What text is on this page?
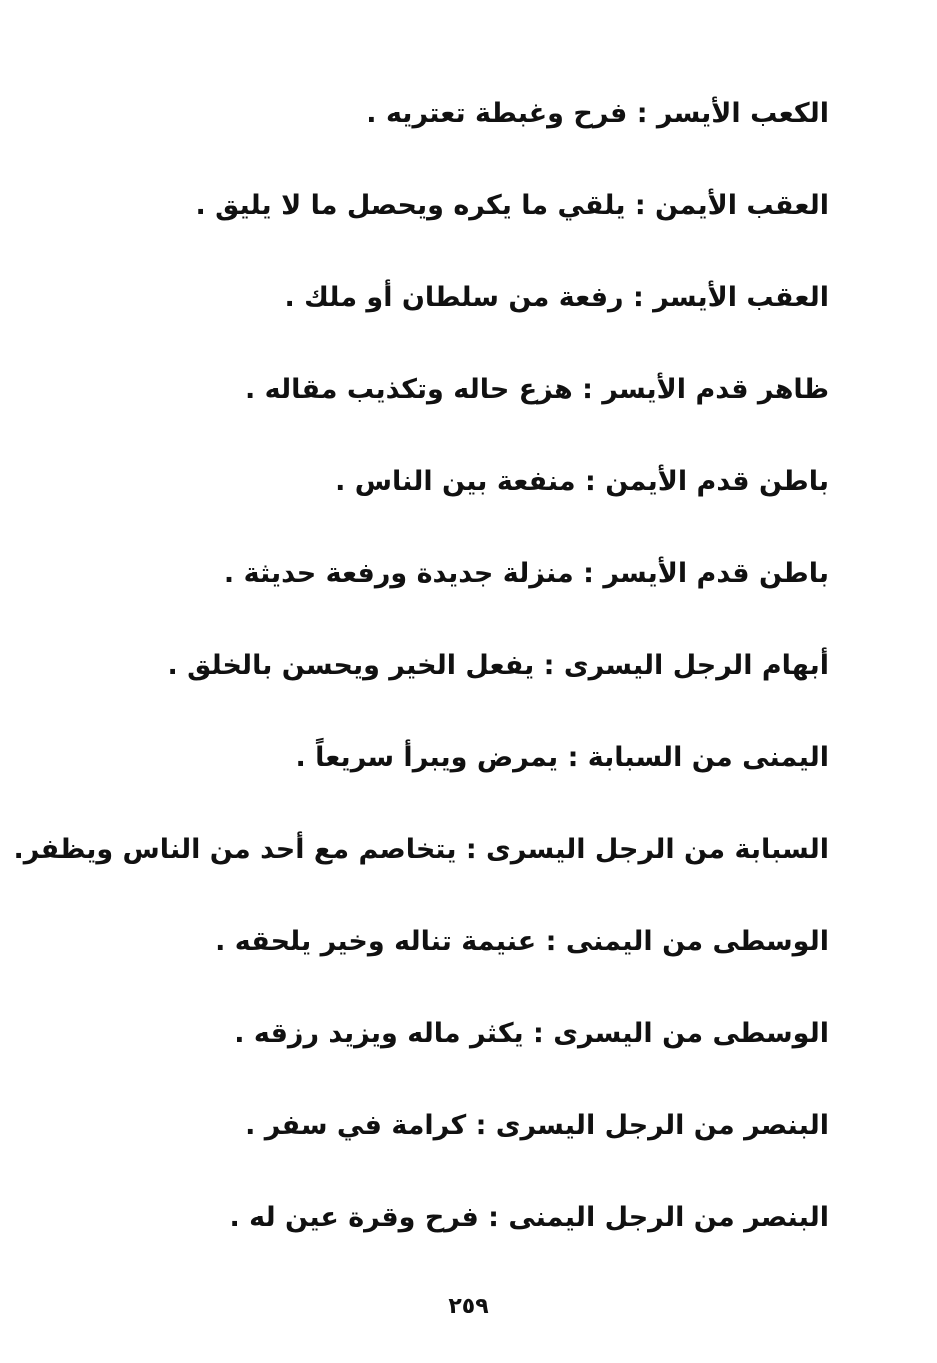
الكعب الأيسر : فرح وغبطة تعتريه .
العقب الأيمن : يلقي ما يكره ويحصل ما لا يليق .
العقب الأيسر : رفعة من سلطان أو ملك .
ظاهر قدم الأيسر : هزع حاله وتكذيب مقاله .
باطن قدم الأيمن : منفعة بين الناس .
باطن قدم الأيسر : منزلة جديدة ورفعة حديثة .
أبهام الرجل اليسرى : يفعل الخير ويحسن بالخلق .
اليمنى من السبابة : يمرض ويبرأ سريعاً .
السبابة من الرجل اليسرى : يتخاصم مع أحد من الناس ويظفر.
الوسطى من اليمنى : عنيمة تناله وخير يلحقه .
الوسطى من اليسرى : يكثر ماله ويزيد رزقه .
البنصر من الرجل اليسرى : كرامة في سفر .
البنصر من الرجل اليمنى : فرح وقرة عين له .
٢٥٩
